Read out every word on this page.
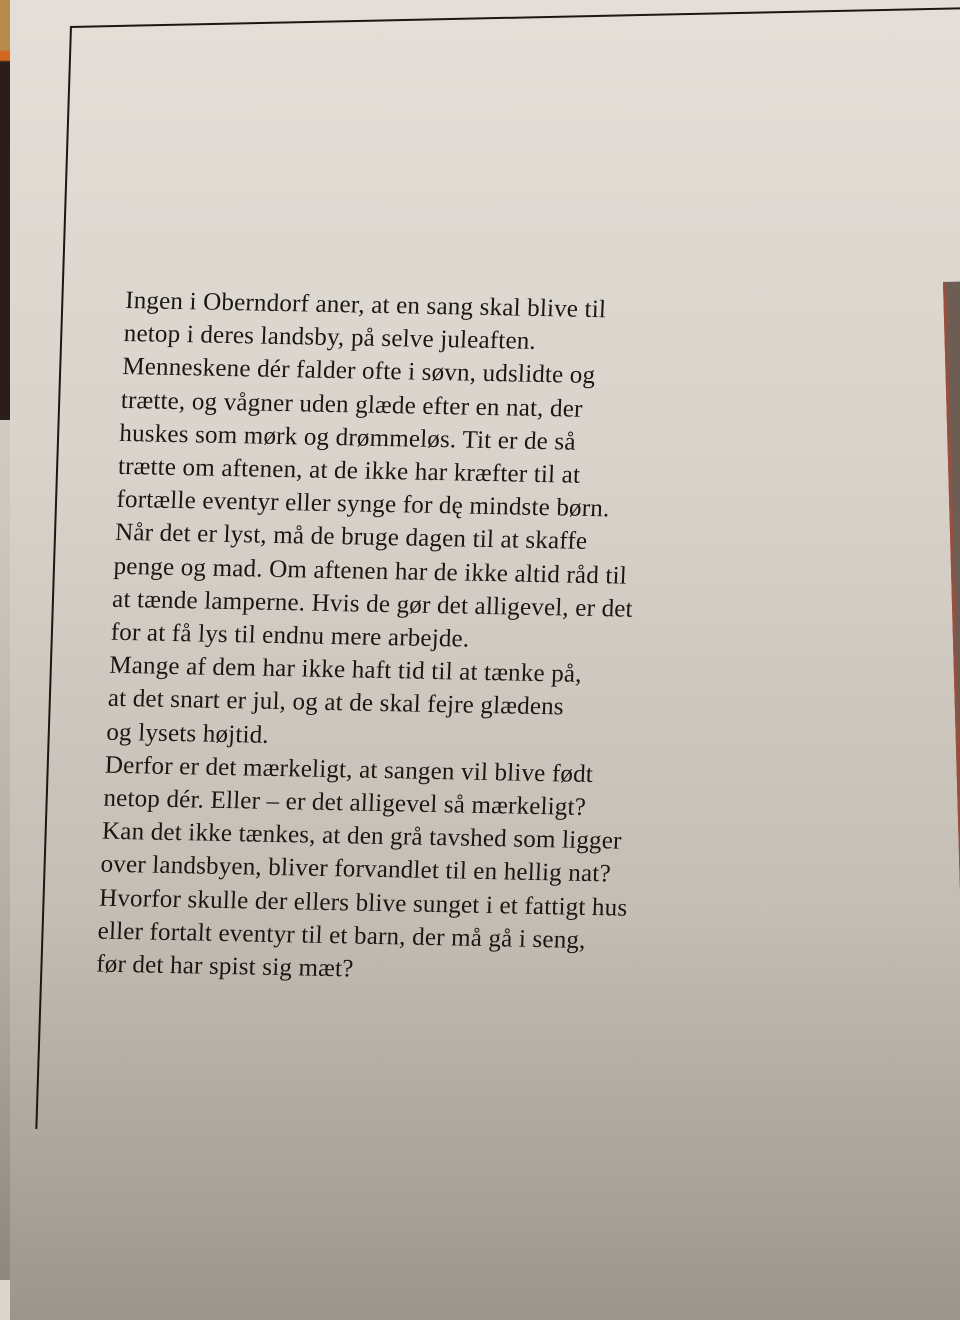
Ingen i Oberndorf aner, at en sang skal blive til
netop i deres landsby, på selve juleaften.
Menneskene dér falder ofte i søvn, udslidte og
trætte, og vågner uden glæde efter en nat, der
huskes som mørk og drømmeløs. Tit er de så
trætte om aftenen, at de ikke har kræfter til at
fortælle eventyr eller synge for dę mindste børn.
Når det er lyst, må de bruge dagen til at skaffe
penge og mad. Om aftenen har de ikke altid råd til
at tænde lamperne. Hvis de gør det alligevel, er det
for at få lys til endnu mere arbejde.
Mange af dem har ikke haft tid til at tænke på,
at det snart er jul, og at de skal fejre glædens
og lysets højtid.
Derfor er det mærkeligt, at sangen vil blive født
netop dér. Eller – er det alligevel så mærkeligt?
Kan det ikke tænkes, at den grå tavshed som ligger
over landsbyen, bliver forvandlet til en hellig nat?
Hvorfor skulle der ellers blive sunget i et fattigt hus
eller fortalt eventyr til et barn, der må gå i seng,
før det har spist sig mæt?
